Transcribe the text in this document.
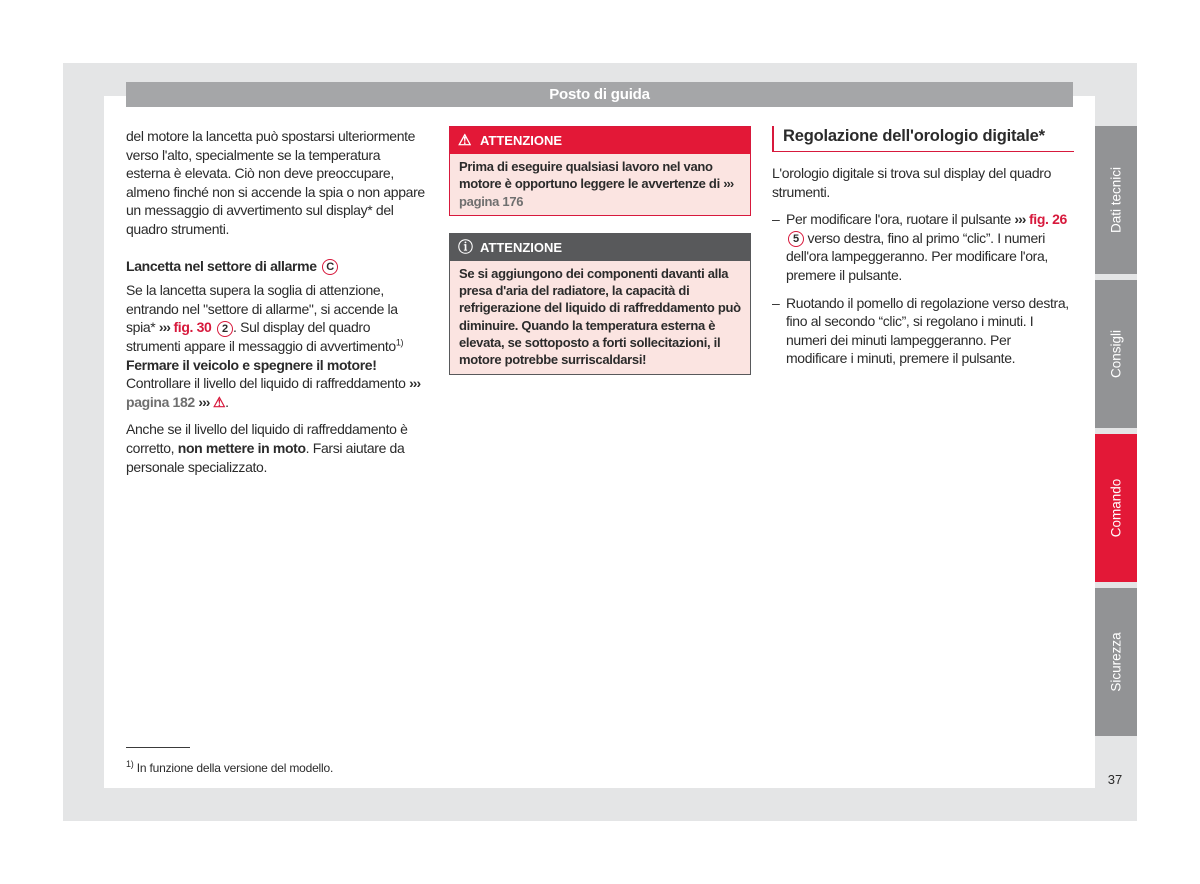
Posto di guida

del motore la lancetta può spostarsi ulteriormente verso l'alto, specialmente se la temperatura esterna è elevata. Ciò non deve preoccupare, almeno finché non si accende la spia o non appare un messaggio di avvertimento sul display* del quadro strumenti.

Lancetta nel settore di allarme C

Se la lancetta supera la soglia di attenzione, entrando nel "settore di allarme", si accende la spia* ››› fig. 30 2 . Sul display del quadro strumenti appare il messaggio di avvertimento$^{1)}$ Fermare il veicolo e spegnere il motore! Controllare il livello del liquido di raffreddamento ››› pagina 182 ››› ⚠.

Anche se il livello del liquido di raffreddamento è corretto, non mettere in moto. Farsi aiutare da personale specializzato.

⚠ ATTENZIONE
Prima di eseguire qualsiasi lavoro nel vano motore è opportuno leggere le avvertenze di ››› pagina 176
ⓘ ATTENZIONE
Se si aggiungono dei componenti davanti alla presa d'aria del radiatore, la capacità di refrigerazione del liquido di raffreddamento può diminuire. Quando la temperatura esterna è elevata, se sottoposto a forti sollecitazioni, il motore potrebbe surriscaldarsi!
Regolazione dell'orologio digitale*

L'orologio digitale si trova sul display del quadro strumenti.

– Per modificare l'ora, ruotare il pulsante ››› fig. 26 5 verso destra, fino al primo “clic”. I numeri dell'ora lampeggeranno. Per modificare l'ora, premere il pulsante.
– Ruotando il pomello di regolazione verso destra, fino al secondo “clic”, si regolano i minuti. I numeri dei minuti lampeggeranno. Per modificare i minuti, premere il pulsante.
Dati tecnici
Consigli
Comando
Sicurezza
37
$^{1)}$ In funzione della versione del modello.
